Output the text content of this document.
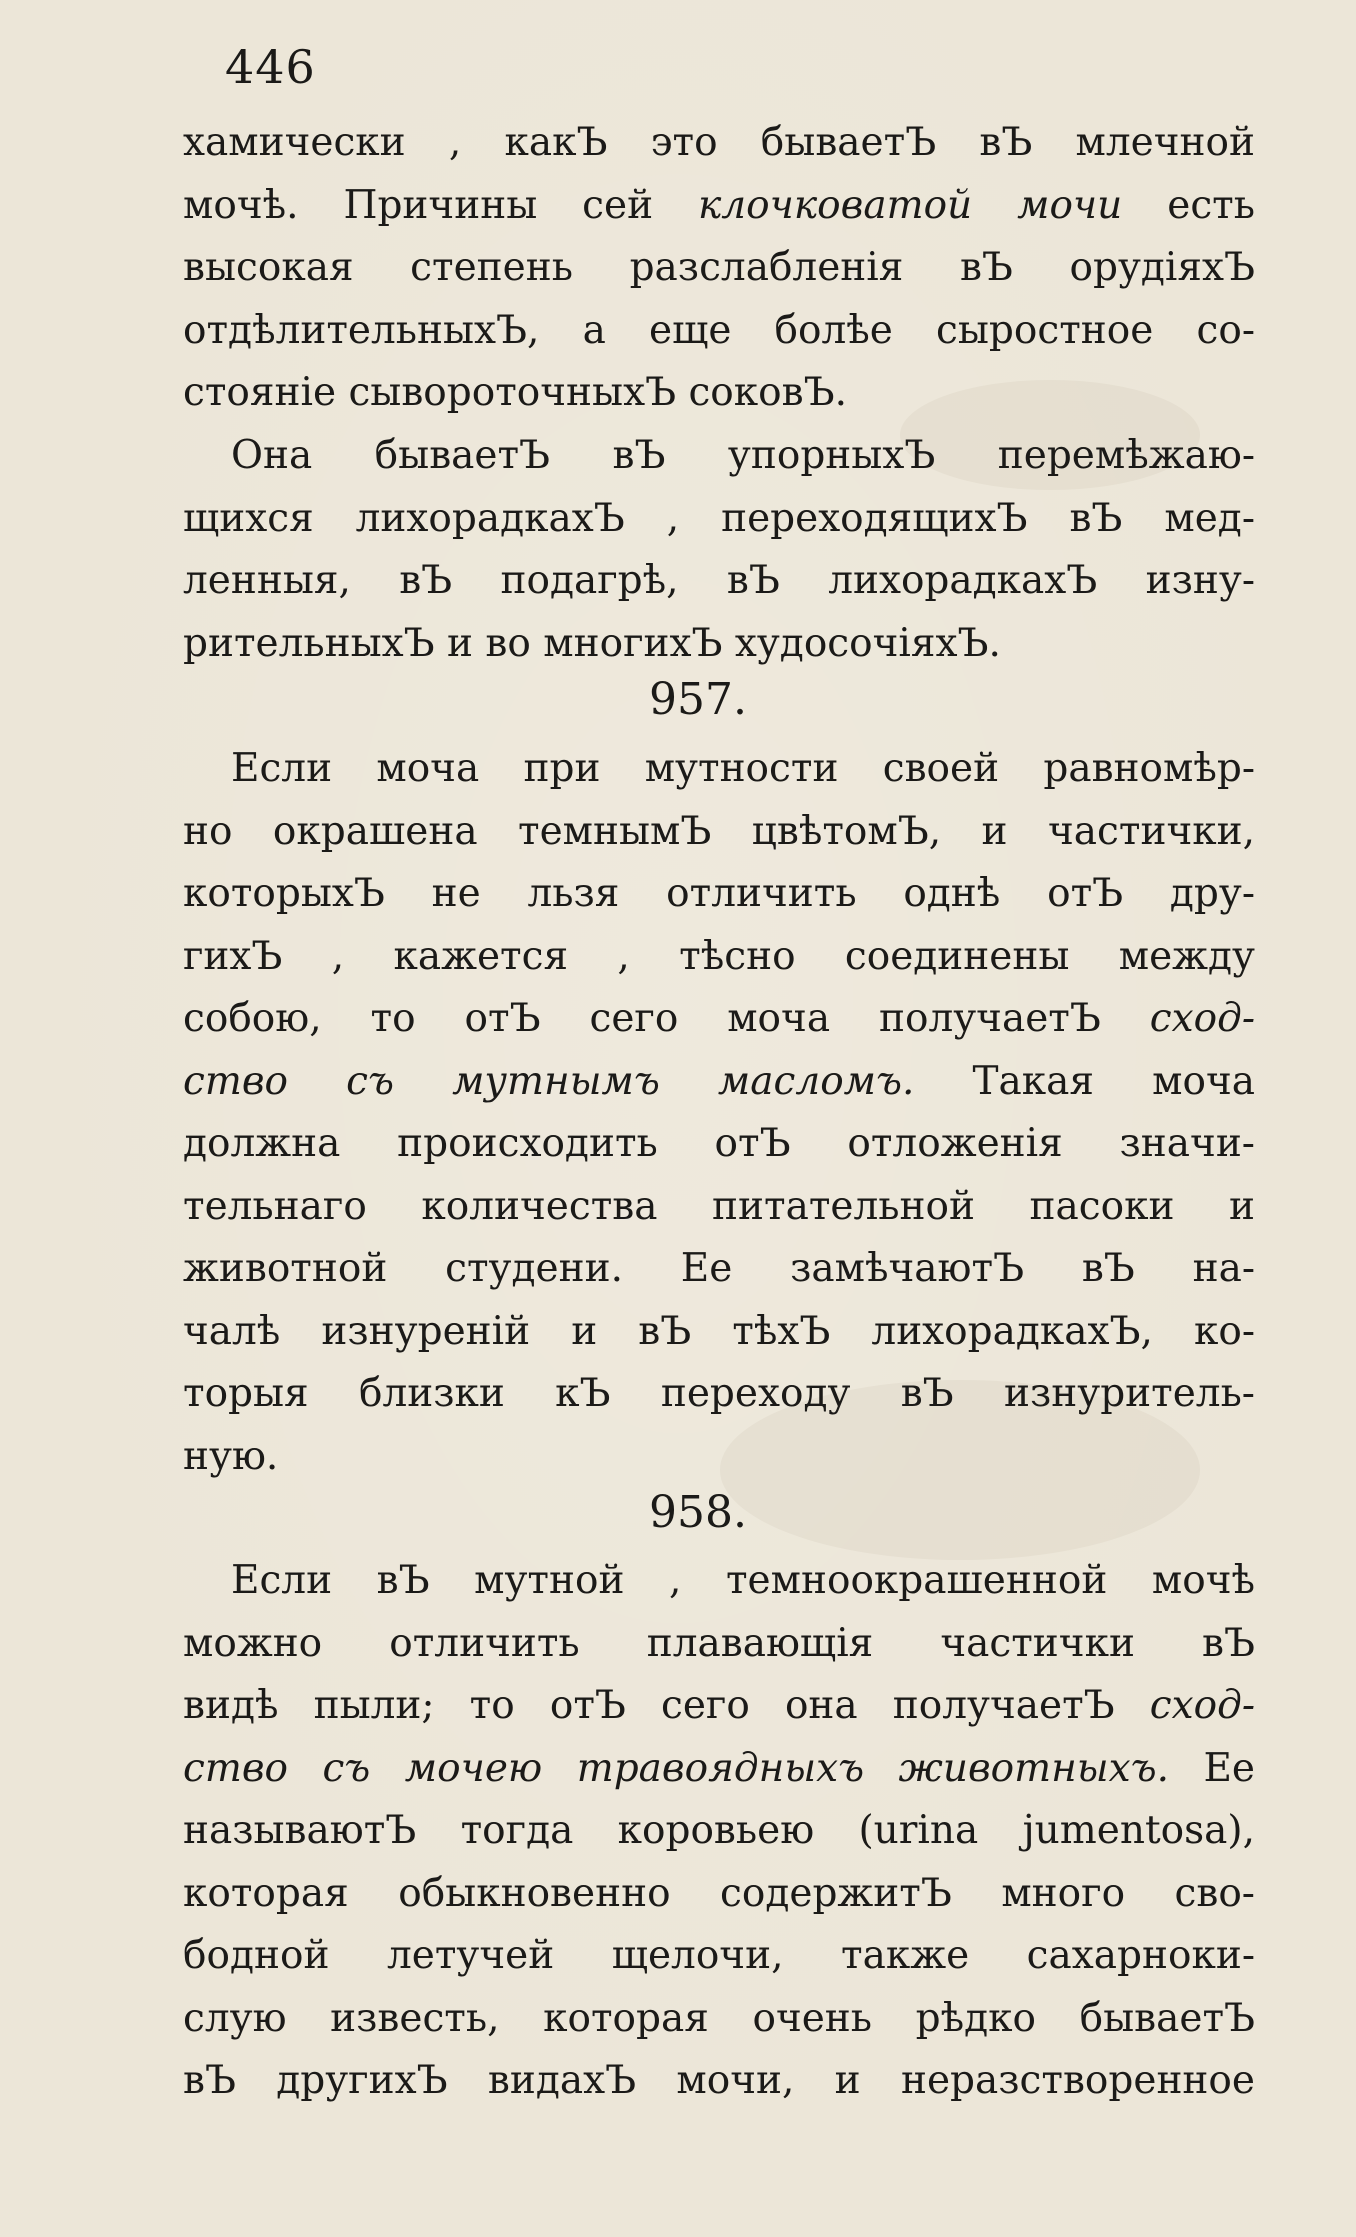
446
хамически , какЪ это бываетЪ вЪ млечной
мочѣ. Причины сей клочковатой мочи есть
высокая степень разслабленія вЪ орудіяхЪ
отдѣлительныхЪ, а еще болѣе сыростное со-
стояніе сывороточныхЪ соковЪ.
Она бываетЪ вЪ упорныхЪ перемѣжаю-
щихся лихорадкахЪ , переходящихЪ вЪ мед-
ленныя, вЪ подагрѣ, вЪ лихорадкахЪ изну-
рительныхЪ и во многихЪ худосочіяхЪ.
957.
Если моча при мутности своей равномѣр-
но окрашена темнымЪ цвѣтомЪ, и частички,
которыхЪ не льзя отличить однѣ отЪ дру-
гихЪ , кажется , тѣсно соединены между
собою, то отЪ сего моча получаетЪ сход-
ство съ мутнымъ масломъ. Такая моча
должна происходить отЪ отложенія значи-
тельнаго количества питательной пасоки и
животной студени. Ее замѣчаютЪ вЪ на-
чалѣ изнуреній и вЪ тѣхЪ лихорадкахЪ, ко-
торыя близки кЪ переходу вЪ изнуритель-
ную.
958.
Если вЪ мутной , темноокрашенной мочѣ
можно отличить плавающія частички вЪ
видѣ пыли; то отЪ сего она получаетЪ сход-
ство съ мочею травоядныхъ животныхъ. Ее
называютЪ тогда коровьею (urina jumentosa),
которая обыкновенно содержитЪ много сво-
бодной летучей щелочи, также сахарноки-
слую известь, которая очень рѣдко бываетЪ
вЪ другихЪ видахЪ мочи, и неразстворенное
